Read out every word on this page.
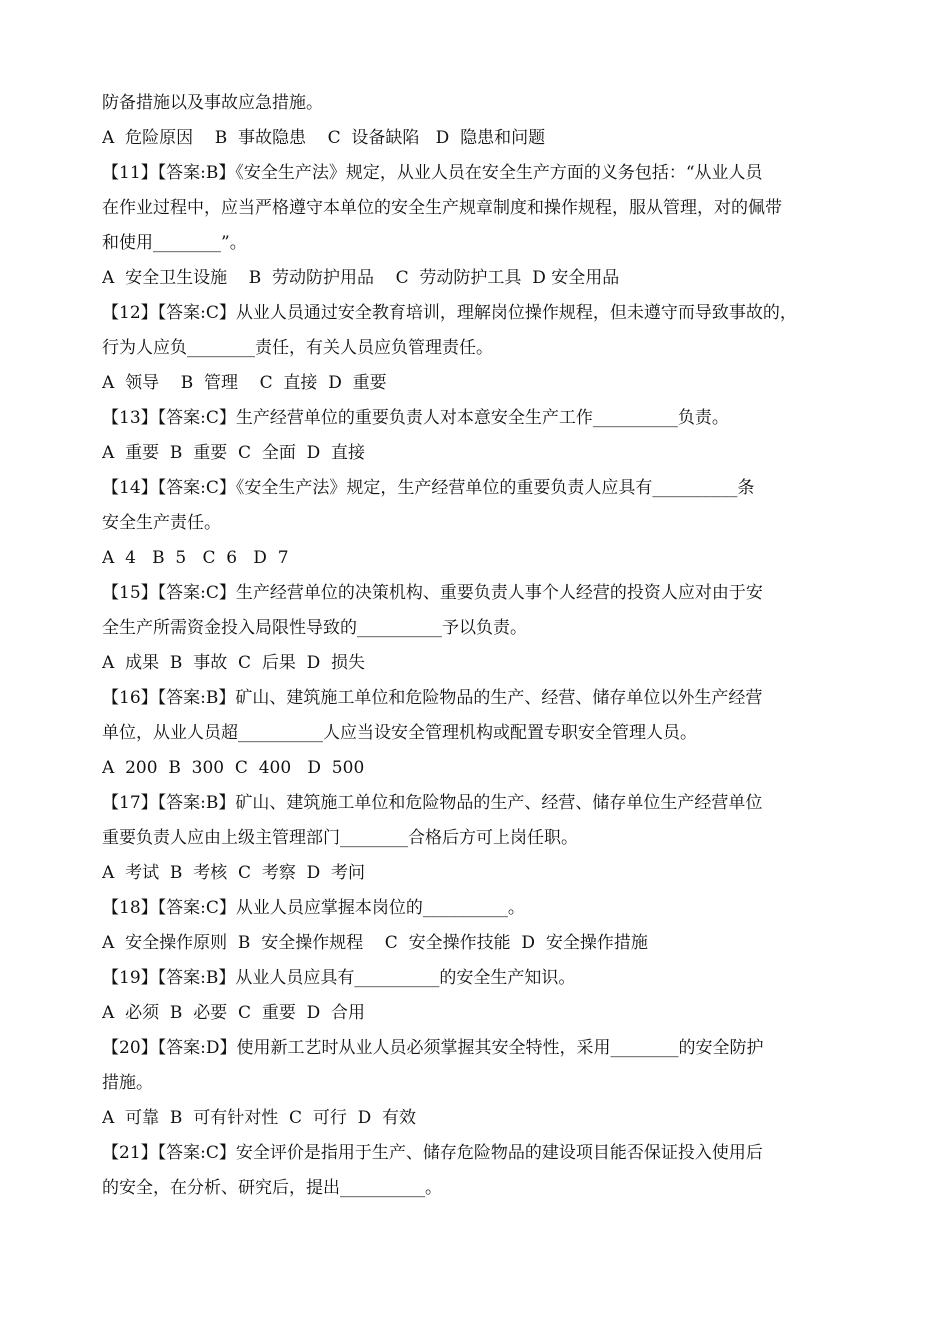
防备措施以及事故应急措施。
A  危险原因    B  事故隐患    C  设备缺陷   D  隐患和问题
【11】【答案:B】《安全生产法》规定，从业人员在安全生产方面的义务包括：“从业人员
在作业过程中，应当严格遵守本单位的安全生产规章制度和操作规程，服从管理，对的佩带
和使用________”。
A  安全卫生设施    B  劳动防护用品    C  劳动防护工具  D 安全用品
【12】【答案:C】从业人员通过安全教育培训，理解岗位操作规程，但未遵守而导致事故的，
行为人应负________责任，有关人员应负管理责任。
A  领导    B  管理    C  直接  D  重要
【13】【答案:C】生产经营单位的重要负责人对本意安全生产工作__________负责。
A  重要  B  重要  C  全面  D  直接
【14】【答案:C】《安全生产法》规定，生产经营单位的重要负责人应具有__________条
安全生产责任。
A  4   B  5   C  6   D  7
【15】【答案:C】生产经营单位的决策机构、重要负责人事个人经营的投资人应对由于安
全生产所需资金投入局限性导致的__________予以负责。
A  成果  B  事故  C  后果  D  损失
【16】【答案:B】矿山、建筑施工单位和危险物品的生产、经营、储存单位以外生产经营
单位，从业人员超__________人应当设安全管理机构或配置专职安全管理人员。
A  200  B  300  C  400   D  500
【17】【答案:B】矿山、建筑施工单位和危险物品的生产、经营、储存单位生产经营单位
重要负责人应由上级主管理部门________合格后方可上岗任职。
A  考试  B  考核  C  考察  D  考问
【18】【答案:C】从业人员应掌握本岗位的__________。
A  安全操作原则  B  安全操作规程    C  安全操作技能  D  安全操作措施
【19】【答案:B】从业人员应具有__________的安全生产知识。
A  必须  B  必要  C  重要  D  合用
【20】【答案:D】使用新工艺时从业人员必须掌握其安全特性，采用________的安全防护
措施。
A  可靠  B  可有针对性  C  可行  D  有效
【21】【答案:C】安全评价是指用于生产、储存危险物品的建设项目能否保证投入使用后
的安全，在分析、研究后，提出__________。
